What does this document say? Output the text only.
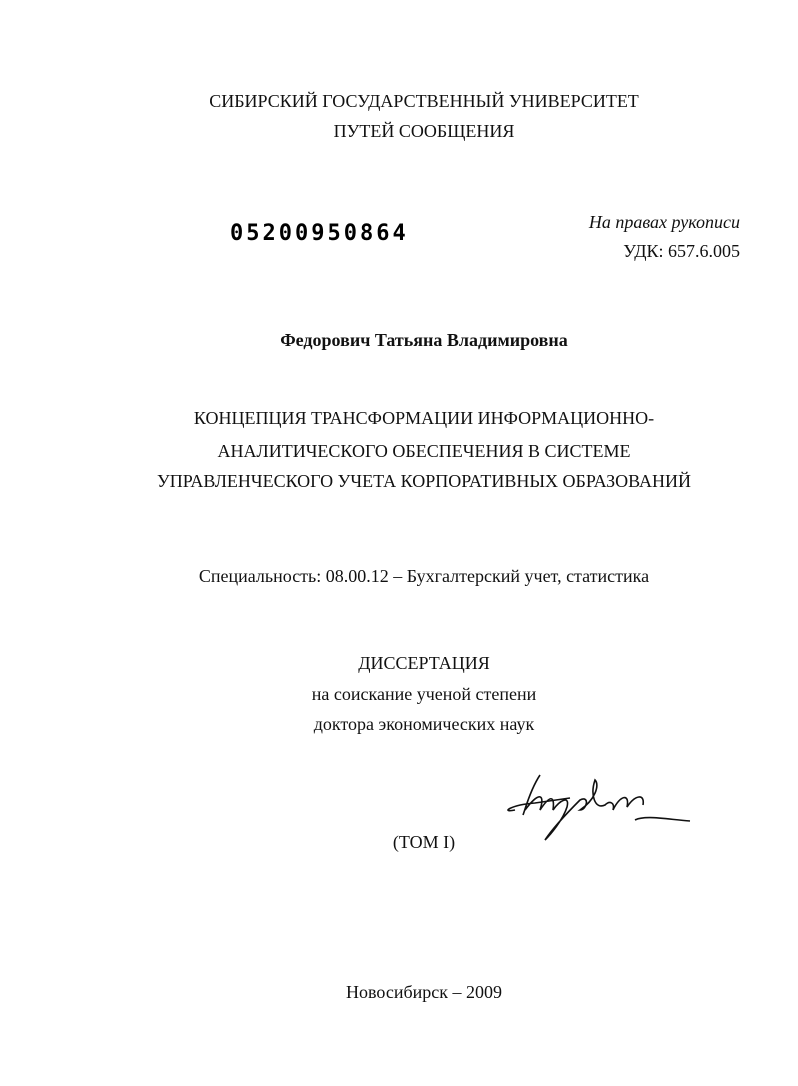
СИБИРСКИЙ ГОСУДАРСТВЕННЫЙ УНИВЕРСИТЕТ
ПУТЕЙ СООБЩЕНИЯ
05200950864	На правах рукописи
УДК: 657.6.005
Федорович Татьяна Владимировна
КОНЦЕПЦИЯ ТРАНСФОРМАЦИИ ИНФОРМАЦИОННО-
АНАЛИТИЧЕСКОГО ОБЕСПЕЧЕНИЯ В СИСТЕМЕ
УПРАВЛЕНЧЕСКОГО УЧЕТА КОРПОРАТИВНЫХ ОБРАЗОВАНИЙ
Специальность: 08.00.12 – Бухгалтерский учет, статистика
ДИССЕРТАЦИЯ
на соискание ученой степени
доктора экономических наук
(ТОМ I)
Новосибирск – 2009
